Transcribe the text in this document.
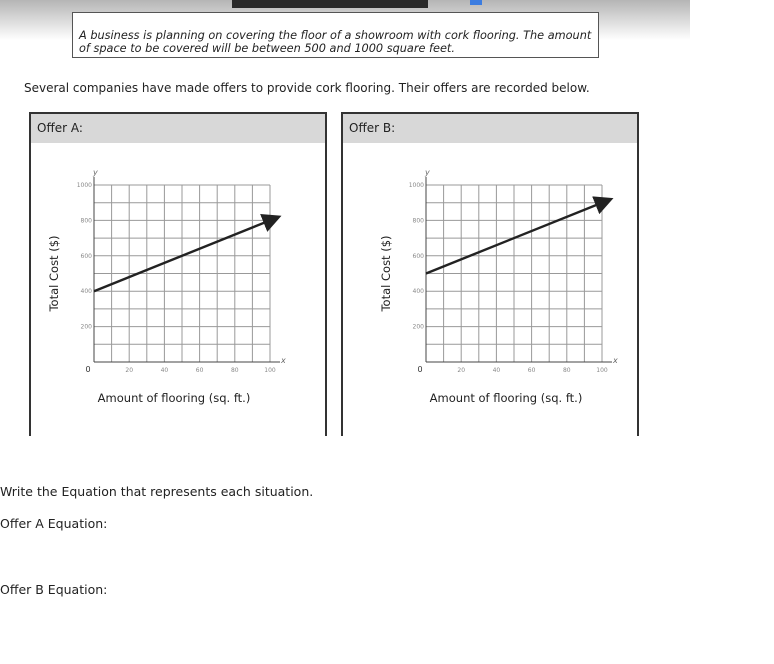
A business is planning on covering the floor of a showroom with cork flooring. The amount of space to be covered will be between 500 and 1000 square feet.
Several companies have made offers to provide cork flooring. Their offers are recorded below.
Offer A:
y
x
0	20	40	60	80	100
200
400
600
800
1000
Amount of flooring (sq. ft.)
Total Cost ($)
Offer B:
y
x
0	20	40	60	80	100
200
400
600
800
1000
Amount of flooring (sq. ft.)
Total Cost ($)
Write the Equation that represents each situation.
Offer A Equation:
Offer B Equation:
